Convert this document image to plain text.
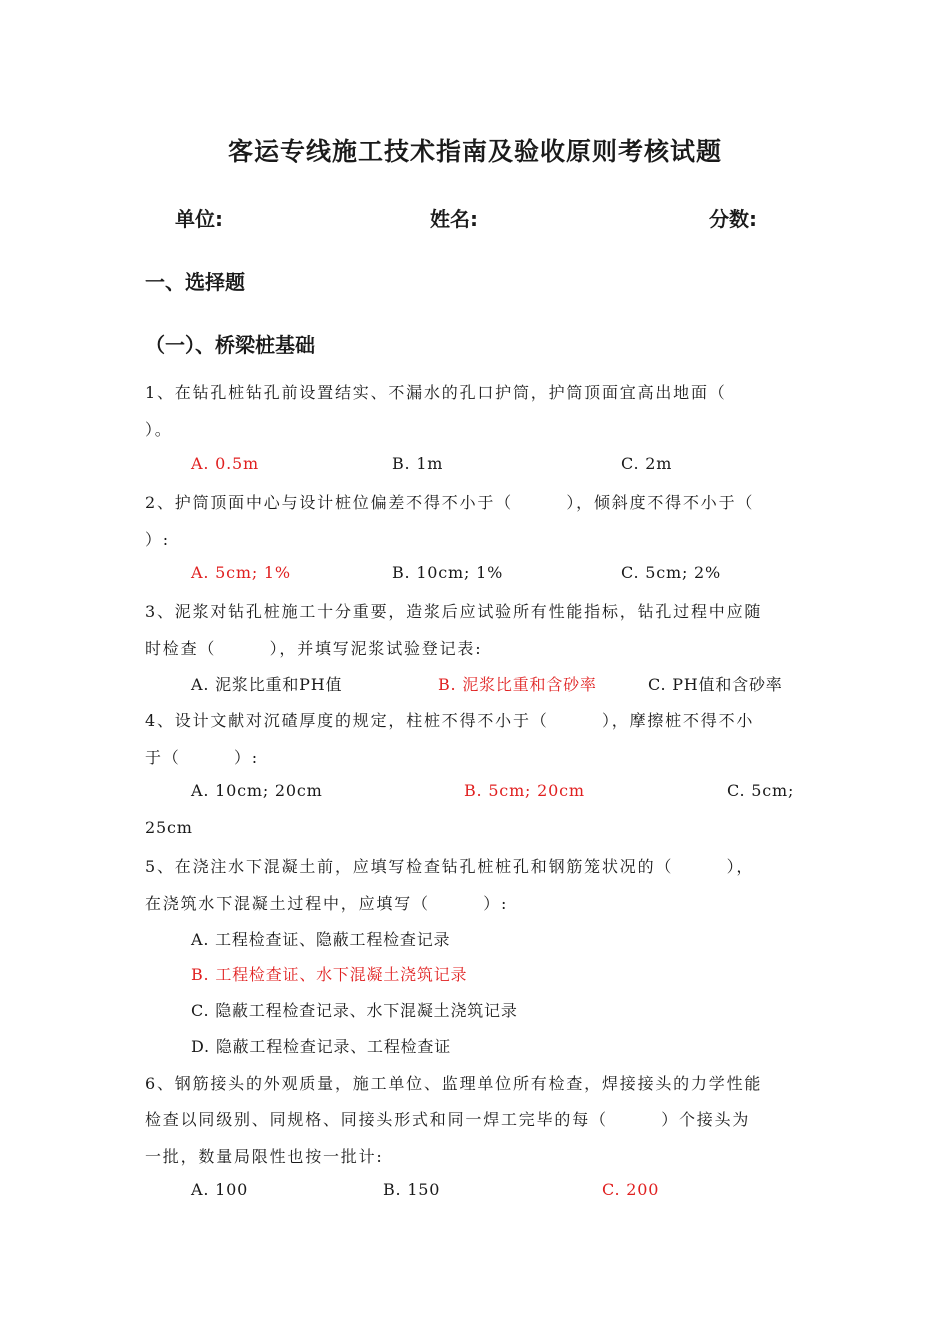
客运专线施工技术指南及验收原则考核试题
单位:	姓名:	分数:
一、选择题
（一）、桥梁桩基础
1、在钻孔桩钻孔前设置结实、不漏水的孔口护筒，护筒顶面宜高出地面（
）。
A. 0.5m	B. 1m	C. 2m
2、护筒顶面中心与设计桩位偏差不得不小于（　　　），倾斜度不得不小于（
）:
A. 5cm; 1%	B. 10cm; 1%	C. 5cm; 2%
3、泥浆对钻孔桩施工十分重要，造浆后应试验所有性能指标，钻孔过程中应随
时检查（　　　），并填写泥浆试验登记表:
A. 泥浆比重和PH值	B. 泥浆比重和含砂率	C. PH值和含砂率
4、设计文献对沉碴厚度的规定，柱桩不得不小于（　　　），摩擦桩不得不小
于（　　　）:
A. 10cm; 20cm	B. 5cm; 20cm	C. 5cm;
25cm
5、在浇注水下混凝土前，应填写检查钻孔桩桩孔和钢筋笼状况的（　　　），
在浇筑水下混凝土过程中，应填写（　　　）:
A. 工程检查证、隐蔽工程检查记录
B. 工程检查证、水下混凝土浇筑记录
C. 隐蔽工程检查记录、水下混凝土浇筑记录
D. 隐蔽工程检查记录、工程检查证
6、钢筋接头的外观质量，施工单位、监理单位所有检查，焊接接头的力学性能
检查以同级别、同规格、同接头形式和同一焊工完毕的每（　　　）个接头为
一批，数量局限性也按一批计:
A. 100	B. 150	C. 200
